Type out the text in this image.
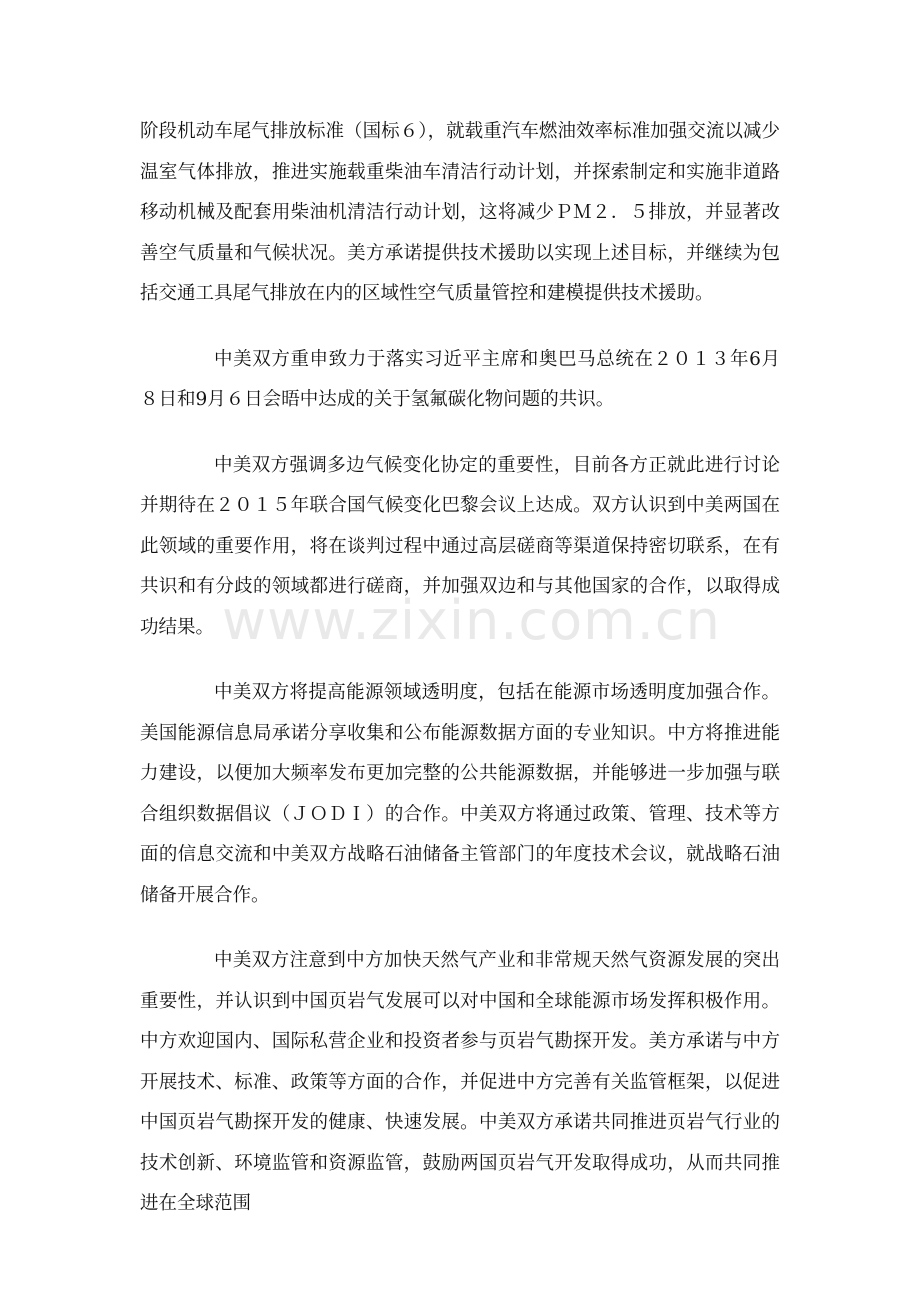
阶段机动车尾气排放标准（国标６），就载重汽车燃油效率标准加强交流以减少温室气体排放，推进实施载重柴油车清洁行动计划，并探索制定和实施非道路移动机械及配套用柴油机清洁行动计划，这将减少ＰＭ２．５排放，并显著改善空气质量和气候状况。美方承诺提供技术援助以实现上述目标，并继续为包括交通工具尾气排放在内的区域性空气质量管控和建模提供技术援助。

中美双方重申致力于落实习近平主席和奥巴马总统在２０１３年6月８日和9月６日会晤中达成的关于氢氟碳化物问题的共识。

中美双方强调多边气候变化协定的重要性，目前各方正就此进行讨论并期待在２０１５年联合国气候变化巴黎会议上达成。双方认识到中美两国在此领域的重要作用，将在谈判过程中通过高层磋商等渠道保持密切联系，在有共识和有分歧的领域都进行磋商，并加强双边和与其他国家的合作，以取得成功结果。

中美双方将提高能源领域透明度，包括在能源市场透明度加强合作。美国能源信息局承诺分享收集和公布能源数据方面的专业知识。中方将推进能力建设，以便加大频率发布更加完整的公共能源数据，并能够进一步加强与联合组织数据倡议（ＪＯＤＩ）的合作。中美双方将通过政策、管理、技术等方面的信息交流和中美双方战略石油储备主管部门的年度技术会议，就战略石油储备开展合作。

中美双方注意到中方加快天然气产业和非常规天然气资源发展的突出重要性，并认识到中国页岩气发展可以对中国和全球能源市场发挥积极作用。中方欢迎国内、国际私营企业和投资者参与页岩气勘探开发。美方承诺与中方开展技术、标准、政策等方面的合作，并促进中方完善有关监管框架，以促进中国页岩气勘探开发的健康、快速发展。中美双方承诺共同推进页岩气行业的技术创新、环境监管和资源监管，鼓励两国页岩气开发取得成功，从而共同推进在全球范围

www.zixin.com.cn
